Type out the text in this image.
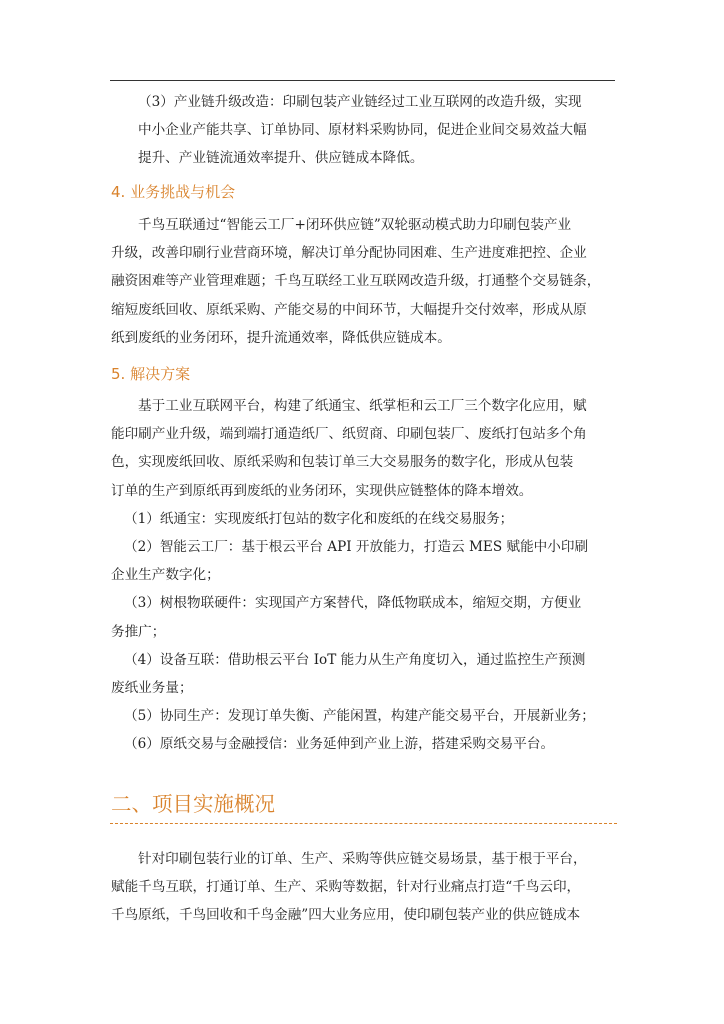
（3）产业链升级改造：印刷包装产业链经过工业互联网的改造升级，实现
中小企业产能共享、订单协同、原材料采购协同，促进企业间交易效益大幅
提升、产业链流通效率提升、供应链成本降低。
4. 业务挑战与机会
千鸟互联通过“智能云工厂+闭环供应链”双轮驱动模式助力印刷包装产业
升级，改善印刷行业营商环境，解决订单分配协同困难、生产进度难把控、企业
融资困难等产业管理难题；千鸟互联经工业互联网改造升级，打通整个交易链条，
缩短废纸回收、原纸采购、产能交易的中间环节，大幅提升交付效率，形成从原
纸到废纸的业务闭环，提升流通效率，降低供应链成本。
5. 解决方案
基于工业互联网平台，构建了纸通宝、纸掌柜和云工厂三个数字化应用，赋
能印刷产业升级，端到端打通造纸厂、纸贸商、印刷包装厂、废纸打包站多个角
色，实现废纸回收、原纸采购和包装订单三大交易服务的数字化，形成从包装
订单的生产到原纸再到废纸的业务闭环，实现供应链整体的降本增效。
（1）纸通宝：实现废纸打包站的数字化和废纸的在线交易服务；
（2）智能云工厂：基于根云平台 API 开放能力，打造云 MES 赋能中小印刷
企业生产数字化；
（3）树根物联硬件：实现国产方案替代，降低物联成本，缩短交期，方便业
务推广；
（4）设备互联：借助根云平台 IoT 能力从生产角度切入，通过监控生产预测
废纸业务量；
（5）协同生产：发现订单失衡、产能闲置，构建产能交易平台，开展新业务；
（6）原纸交易与金融授信：业务延伸到产业上游，搭建采购交易平台。
二、项目实施概况
针对印刷包装行业的订单、生产、采购等供应链交易场景，基于根于平台，
赋能千鸟互联，打通订单、生产、采购等数据，针对行业痛点打造“千鸟云印，
千鸟原纸，千鸟回收和千鸟金融”四大业务应用，使印刷包装产业的供应链成本
